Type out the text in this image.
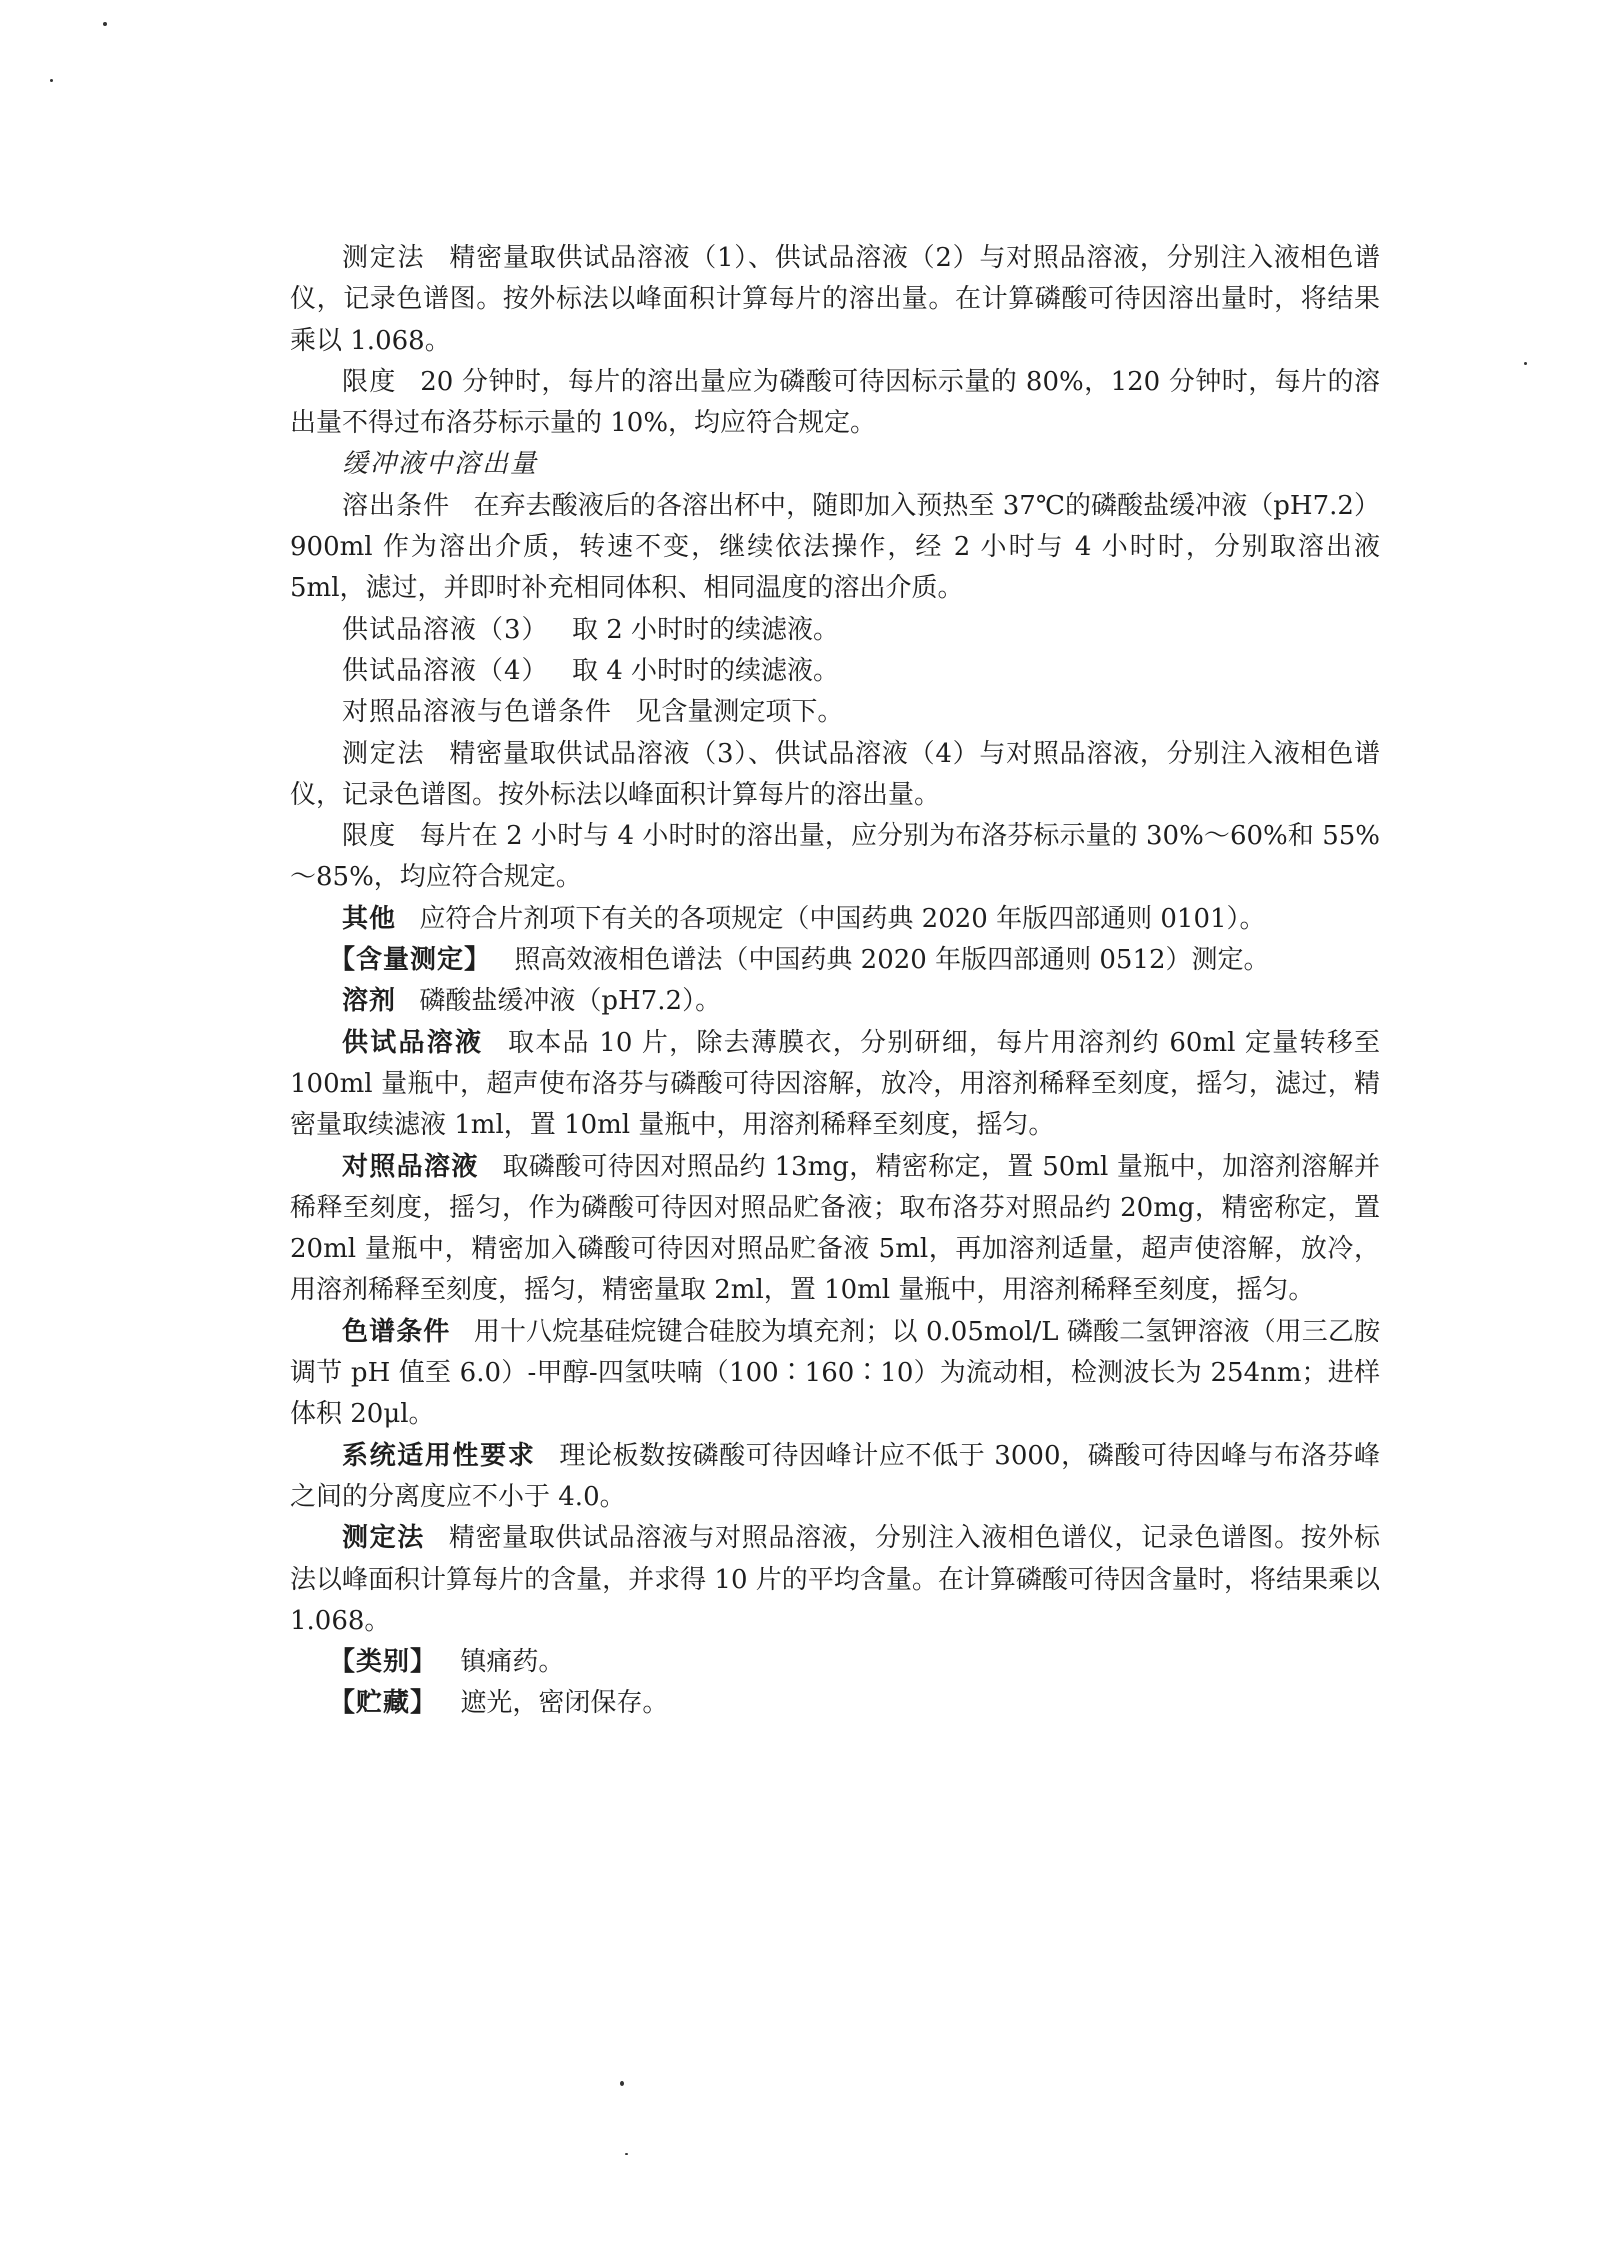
测定法 精密量取供试品溶液（1）、供试品溶液（2）与对照品溶液，分别注入液相色谱仪，记录色谱图。按外标法以峰面积计算每片的溶出量。在计算磷酸可待因溶出量时，将结果乘以 1.068。

限度 20 分钟时，每片的溶出量应为磷酸可待因标示量的 80%，120 分钟时，每片的溶出量不得过布洛芬标示量的 10%，均应符合规定。

缓冲液中溶出量

溶出条件 在弃去酸液后的各溶出杯中，随即加入预热至 37℃的磷酸盐缓冲液（pH7.2）900ml 作为溶出介质，转速不变，继续依法操作，经 2 小时与 4 小时时，分别取溶出液 5ml，滤过，并即时补充相同体积、相同温度的溶出介质。

供试品溶液（3） 取 2 小时时的续滤液。

供试品溶液（4） 取 4 小时时的续滤液。

对照品溶液与色谱条件 见含量测定项下。

测定法 精密量取供试品溶液（3）、供试品溶液（4）与对照品溶液，分别注入液相色谱仪，记录色谱图。按外标法以峰面积计算每片的溶出量。

限度 每片在 2 小时与 4 小时时的溶出量，应分别为布洛芬标示量的 30%～60%和 55%～85%，均应符合规定。

其他 应符合片剂项下有关的各项规定（中国药典 2020 年版四部通则 0101）。

【含量测定】 照高效液相色谱法（中国药典 2020 年版四部通则 0512）测定。

溶剂 磷酸盐缓冲液（pH7.2）。

供试品溶液 取本品 10 片，除去薄膜衣，分别研细，每片用溶剂约 60ml 定量转移至 100ml 量瓶中，超声使布洛芬与磷酸可待因溶解，放冷，用溶剂稀释至刻度，摇匀，滤过，精密量取续滤液 1ml，置 10ml 量瓶中，用溶剂稀释至刻度，摇匀。

对照品溶液 取磷酸可待因对照品约 13mg，精密称定，置 50ml 量瓶中，加溶剂溶解并稀释至刻度，摇匀，作为磷酸可待因对照品贮备液；取布洛芬对照品约 20mg，精密称定，置 20ml 量瓶中，精密加入磷酸可待因对照品贮备液 5ml，再加溶剂适量，超声使溶解，放冷，用溶剂稀释至刻度，摇匀，精密量取 2ml，置 10ml 量瓶中，用溶剂稀释至刻度，摇匀。

色谱条件 用十八烷基硅烷键合硅胶为填充剂；以 0.05mol/L 磷酸二氢钾溶液（用三乙胺调节 pH 值至 6.0）-甲醇-四氢呋喃（100∶160∶10）为流动相，检测波长为 254nm；进样体积 20μl。

系统适用性要求 理论板数按磷酸可待因峰计应不低于 3000，磷酸可待因峰与布洛芬峰之间的分离度应不小于 4.0。

测定法 精密量取供试品溶液与对照品溶液，分别注入液相色谱仪，记录色谱图。按外标法以峰面积计算每片的含量，并求得 10 片的平均含量。在计算磷酸可待因含量时，将结果乘以 1.068。

【类别】 镇痛药。

【贮藏】 遮光，密闭保存。
